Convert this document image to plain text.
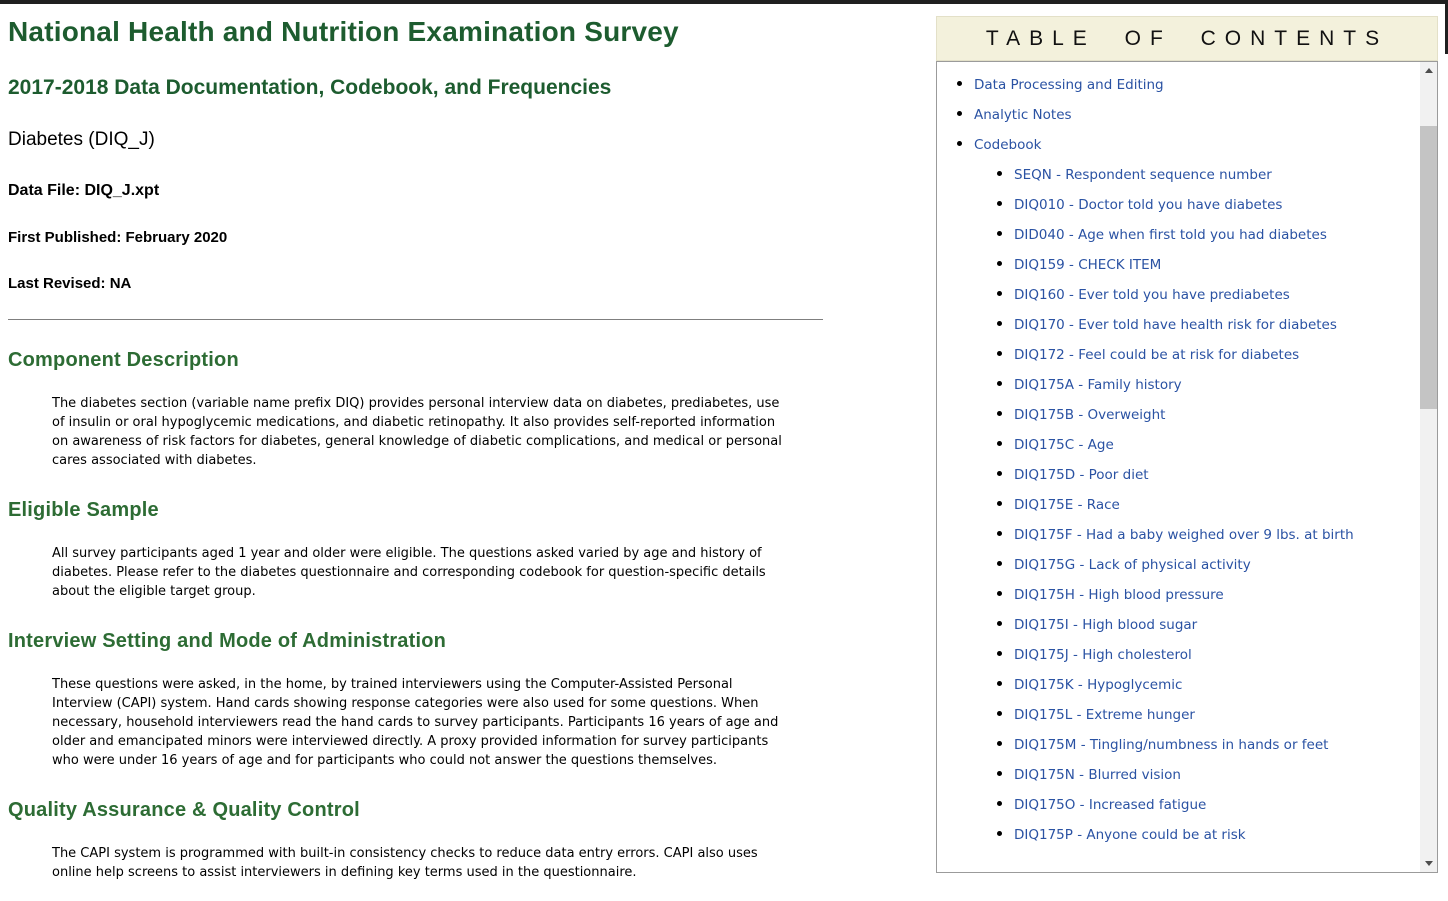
National Health and Nutrition Examination Survey
2017-2018 Data Documentation, Codebook, and Frequencies
Diabetes (DIQ_J)
Data File: DIQ_J.xpt
First Published: February 2020
Last Revised: NA
Component Description

The diabetes section (variable name prefix DIQ) provides personal interview data on diabetes, prediabetes, use of insulin or oral hypoglycemic medications, and diabetic retinopathy. It also provides self-reported information on awareness of risk factors for diabetes, general knowledge of diabetic complications, and medical or personal cares associated with diabetes.

Eligible Sample

All survey participants aged 1 year and older were eligible. The questions asked varied by age and history of diabetes. Please refer to the diabetes questionnaire and corresponding codebook for question-specific details about the eligible target group.

Interview Setting and Mode of Administration

These questions were asked, in the home, by trained interviewers using the Computer-Assisted Personal Interview (CAPI) system. Hand cards showing response categories were also used for some questions. When necessary, household interviewers read the hand cards to survey participants. Participants 16 years of age and older and emancipated minors were interviewed directly. A proxy provided information for survey participants who were under 16 years of age and for participants who could not answer the questions themselves.

Quality Assurance & Quality Control

The CAPI system is programmed with built-in consistency checks to reduce data entry errors. CAPI also uses online help screens to assist interviewers in defining key terms used in the questionnaire.

TABLE OF CONTENTS
• Data Processing and Editing
• Analytic Notes
• Codebook
• SEQN - Respondent sequence number
• DIQ010 - Doctor told you have diabetes
• DID040 - Age when first told you had diabetes
• DIQ159 - CHECK ITEM
• DIQ160 - Ever told you have prediabetes
• DIQ170 - Ever told have health risk for diabetes
• DIQ172 - Feel could be at risk for diabetes
• DIQ175A - Family history
• DIQ175B - Overweight
• DIQ175C - Age
• DIQ175D - Poor diet
• DIQ175E - Race
• DIQ175F - Had a baby weighed over 9 lbs. at birth
• DIQ175G - Lack of physical activity
• DIQ175H - High blood pressure
• DIQ175I - High blood sugar
• DIQ175J - High cholesterol
• DIQ175K - Hypoglycemic
• DIQ175L - Extreme hunger
• DIQ175M - Tingling/numbness in hands or feet
• DIQ175N - Blurred vision
• DIQ175O - Increased fatigue
• DIQ175P - Anyone could be at risk
